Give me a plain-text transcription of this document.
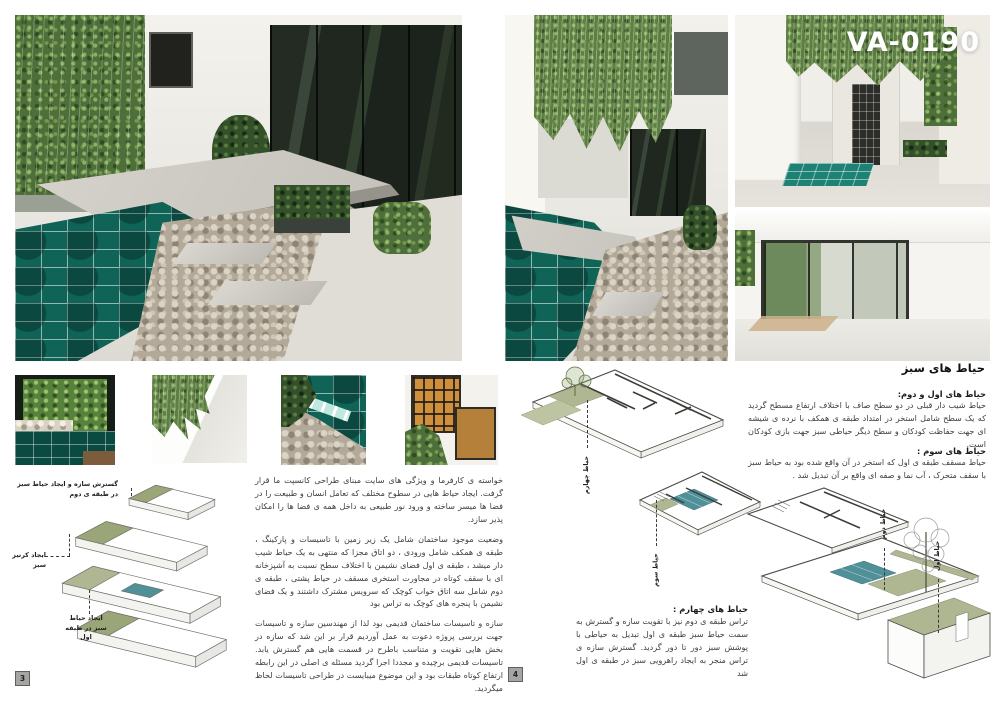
VA-0190
گسترش سازه و ایجاد حیاط سبز در طبقه ی دوم
ایجاد کرنیز سبز
ایجاد حیاط سبز در طبقه اول

خواسته ی کارفرما و ویژگی های سایت مبنای طراحی کانسپت ما قرار گرفت. ایجاد حیاط هایی در سطوح مختلف که تعامل انسان و طبیعت را در فضا ها میسر ساخته و ورود نور طبیعی به داخل همه ی فضا ها را امکان پذیر سازد.

وضعیت موجود ساختمان شامل یک زیر زمین با تاسیسات و پارکینگ ، طبقه ی همکف شامل ورودی ، دو اتاق مجزا که منتهی به یک حیاط شیب دار میشد ، طبقه ی اول فضای نشیمن با اختلاف سطح نسبت به آشپزخانه ای با سقف کوتاه در مجاورت استخری مسقف در حیاط پشتی ، طبقه ی دوم شامل سه اتاق خواب کوچک که سرویس مشترک داشتند و یک فضای نشیمن با پنجره های کوچک به تراس بود

سازه و تاسیسات ساختمان قدیمی بود لذا از مهندسین سازه و تاسیسات جهت بررسی پروژه دعوت به عمل آوردیم قرار بر این شد که سازه در بخش هایی تقویت و متناسب باطرح در قسمت هایی هم گسترش یابد. تاسیسات قدیمی برچیده و مجددا اجرا گردید مسئله ی اصلی در این رابطه ارتفاع کوتاه طبقات بود و این موضوع میبایست در طراحی تاسیسات لحاظ میگردید.

حیاط های سبز
حیاط های اول و دوم:
حیاط شیب دار قبلی در دو سطح صاف با اختلاف ارتفاع مسطح گردید که یک سطح شامل استخر در امتداد طبقه ی همکف با نرده ی شیشه ای جهت حفاظت کودکان و سطح دیگر حیاطی سبز جهت بازی کودکان است.
حیاط های سوم :
حیاط مسقف طبقه ی اول که استخر در آن واقع شده بود به حیاط سبز با سقف متحرک ، آب نما و صفه ای واقع بر آن تبدیل شد .
حیاط های چهارم :
تراس طبقه ی دوم نیز با تقویت سازه و گسترش به سمت حیاط سبز طبقه ی اول تبدیل به حیاطی با پوشش سبز دور تا دور گردید. گسترش سازه ی تراس منجر به ایجاد راهرویی سبز در طبقه ی اول شد
حیاط چهارم
حیاط سوم
حیاط دوم
حیاط اول
3	4
